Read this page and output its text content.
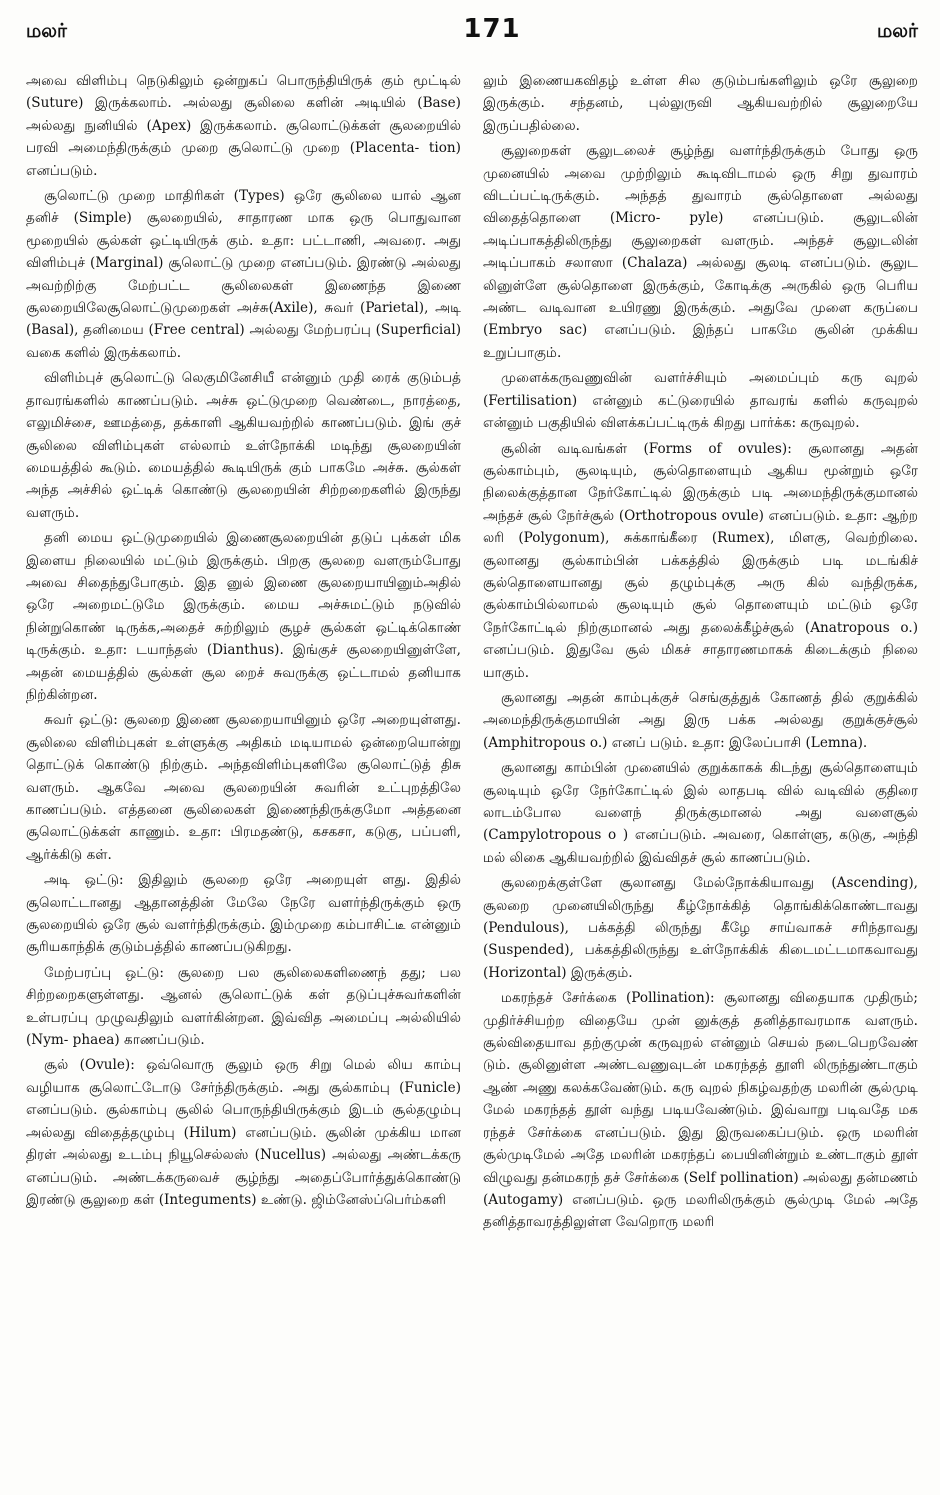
மலர்	171	மலர்

அவை விளிம்பு நெடுகிலும் ஒன்றுகப் பொருந்தியிருக் கும் மூட்டில் (Suture) இருக்கலாம். அல்லது சூலிலை களின் அடியில் (Base) அல்லது நுனியில் (Apex) இருக்கலாம். சூலொட்டுக்கள் சூலறையில் பரவி அமைந்திருக்கும் முறை சூலொட்டு முறை (Placenta- tion) எனப்படும்.

சூலொட்டு முறை மாதிரிகள் (Types) ஒரே சூலிலை யால் ஆன தனிச் (Simple) சூலறையில், சாதாரண மாக ஒரு பொதுவான மூறையில் சூல்கள் ஒட்டியிருக் கும். உதா: பட்டாணி, அவரை. அது விளிம்புச் (Marginal) சூலொட்டு முறை எனப்படும். இரண்டு அல்லது அவற்றிற்கு மேற்பட்ட சூலிலைகள் இணைந்த இணை சூலறையிலேசூலொட்டுமுறைகள் அச்சு(Axile), சுவர் (Parietal), அடி (Basal), தனிமைய (Free central) அல்லது மேற்பரப்பு (Superficial) வகை களில் இருக்கலாம்.

விளிம்புச் சூலொட்டு லெகுமினேசியீ என்னும் முதி ரைக் குடும்பத் தாவரங்களில் காணப்படும். அச்சு ஒட்டுமுறை வெண்டை, நாரத்தை, எலுமிச்சை, ஊமத்தை, தக்காளி ஆகியவற்றில் காணப்படும். இங் குச் சூலிலை விளிம்புகள் எல்லாம் உள்நோக்கி மடிந்து சூலறையின் மையத்தில் கூடும். மையத்தில் கூடியிருக் கும் பாகமே அச்சு. சூல்கள் அந்த அச்சில் ஒட்டிக் கொண்டு சூலறையின் சிற்றறைகளில் இருந்து வளரும்.

தனி மைய ஒட்டுமுறையில் இணைசூலறையின் தடுப் புக்கள் மிக இளைய நிலையில் மட்டும் இருக்கும். பிறகு சூலறை வளரும்போது அவை சிதைந்துபோகும். இத னுல் இணை சூலறையாயினும்அதில் ஒரே அறைமட்டுமே இருக்கும். மைய அச்சுமட்டும் நடுவில் நின்றுகொண் டிருக்க,அதைச் சுற்றிலும் சூழச் சூல்கள் ஒட்டிக்கொண் டிருக்கும். உதா: டயாந்தஸ் (Dianthus). இங்குச் சூலறையினுள்ளே, அதன் மையத்தில் சூல்கள் சூல றைச் சுவருக்கு ஒட்டாமல் தனியாக நிற்கின்றன.

சுவர் ஒட்டு: சூலறை இணை சூலறையாயினும் ஒரே அறையுள்ளது. சூலிலை விளிம்புகள் உள்ளுக்கு அதிகம் மடியாமல் ஒன்றையொன்று தொட்டுக் கொண்டு நிற்கும். அந்தவிளிம்புகளிலே சூலொட்டுத் திசு வளரும். ஆகவே அவை சூலறையின் சுவரின் உட்புறத்திலே காணப்படும். எத்தனை சூலிலைகள் இணைந்திருக்குமோ அத்தனை சூலொட்டுக்கள் காணும். உதா: பிரமதண்டு, கசகசா, கடுகு, பப்பளி, ஆர்க்கிடு கள்.

அடி ஒட்டு: இதிலும் சூலறை ஒரே அறையுள் ளது. இதில் சூலொட்டானது ஆதானத்தின் மேலே நேரே வளர்ந்திருக்கும் ஒரு சூலறையில் ஒரே சூல் வளர்ந்திருக்கும். இம்முறை கம்பாசிட்டீ என்னும் சூரியகாந்திக் குடும்பத்தில் காணப்படுகிறது.

மேற்பரப்பு ஒட்டு: சூலறை பல சூலிலைகளிணைந் தது; பல சிற்றறைகளுள்ளது. ஆனல் சூலொட்டுக் கள் தடுப்புச்சுவர்களின் உள்பரப்பு முழுவதிலும் வளர்கின்றன. இவ்வித அமைப்பு அல்லியில் (Nym- phaea) காணப்படும்.

சூல் (Ovule): ஒவ்வொரு சூலும் ஒரு சிறு மெல் லிய காம்பு வழியாக சூலொட்டோடு சேர்ந்திருக்கும். அது சூல்காம்பு (Funicle) எனப்படும். சூல்காம்பு சூலில் பொருந்தியிருக்கும் இடம் சூல்தழும்பு அல்லது விதைத்தழும்பு (Hilum) எனப்படும். சூலின் முக்கிய மான திரள் அல்லது உடம்பு நியூசெல்லஸ் (Nucellus) அல்லது அண்டக்கரு எனப்படும். அண்டக்கருவைச் சூழ்ந்து அதைப்போர்த்துக்கொண்டு இரண்டு சூலுறை கள் (Integuments) உண்டு. ஜிம்னேஸ்ப்பெர்ம்களி

லும் இணையகவிதழ் உள்ள சில குடும்பங்களிலும் ஒரே சூலுறை இருக்கும். சந்தனம், புல்லுருவி ஆகியவற்றில் சூலுறையே இருப்பதில்லை.

சூலுறைகள் சூலுடலைச் சூழ்ந்து வளர்ந்திருக்கும் போது ஒரு முனையில் அவை முற்றிலும் கூடிவிடாமல் ஒரு சிறு துவாரம் விடப்பட்டிருக்கும். அந்தத் துவாரம் சூல்தொளை அல்லது விதைத்தொளை (Micro- pyle) எனப்படும். சூலுடலின் அடிப்பாகத்திலிருந்து சூலுறைகள் வளரும். அந்தச் சூலுடலின் அடிப்பாகம் சலாஸா (Chalaza) அல்லது சூலடி எனப்படும். சூலுட லினுள்ளே சூல்தொளை இருக்கும், கோடிக்கு அருகில் ஒரு பெரிய அண்ட வடிவான உயிரணு இருக்கும். அதுவே முளை கருப்பை (Embryo sac) எனப்படும். இந்தப் பாகமே சூலின் முக்கிய உறுப்பாகும்.

முளைக்கருவணுவின் வளர்ச்சியும் அமைப்பும் கரு வுறல் (Fertilisation) என்னும் கட்டுரையில் தாவரங் களில் கருவுறல் என்னும் பகுதியில் விளக்கப்பட்டிருக் கிறது பார்க்க: கருவுறல்.

சூலின் வடிவங்கள் (Forms of ovules): சூலானது அதன் சூல்காம்பும், சூலடியும், சூல்தொளையும் ஆகிய மூன்றும் ஒரே நிலைக்குத்தான நேர்கோட்டில் இருக்கும் படி அமைந்திருக்குமானல் அந்தச் சூல் நேர்ச்சூல் (Orthotropous ovule) எனப்படும். உதா: ஆற்ற லரி (Polygonum), சுக்காங்கீரை (Rumex), மிளகு, வெற்றிலை. சூலானது சூல்காம்பின் பக்கத்தில் இருக்கும் படி மடங்கிச் சூல்தொளையானது சூல் தழும்புக்கு அரு கில் வந்திருக்க, சூல்காம்பில்லாமல் சூலடியும் சூல் தொளையும் மட்டும் ஒரே நேர்கோட்டில் நிற்குமானல் அது தலைக்கீழ்ச்சூல் (Anatropous o.) எனப்படும். இதுவே சூல் மிகச் சாதாரணமாகக் கிடைக்கும் நிலை யாகும்.

சூலானது அதன் காம்புக்குச் செங்குத்துக் கோணத் தில் குறுக்கில் அமைந்திருக்குமாயின் அது இரு பக்க அல்லது குறுக்குச்சூல் (Amphitropous o.) எனப் படும். உதா: இலேப்பாசி (Lemna).

சூலானது காம்பின் முனையில் குறுக்காகக் கிடந்து சூல்தொளையும் சூலடியும் ஒரே நேர்கோட்டில் இல் லாதபடி வில் வடிவில் குதிரை லாடம்போல வளைந் திருக்குமானல் அது வளைசூல் (Campylotropous o ) எனப்படும். அவரை, கொள்ளு, கடுகு, அந்தி மல் லிகை ஆகியவற்றில் இவ்விதச் சூல் காணப்படும்.

சூலறைக்குள்ளே சூலானது மேல்நோக்கியாவது (Ascending), சூலறை முனையிலிருந்து கீழ்நோக்கித் தொங்கிக்கொண்டாவது (Pendulous), பக்கத்தி லிருந்து கீழே சாய்வாகச் சரிந்தாவது (Suspended), பக்கத்திலிருந்து உள்நோக்கிக் கிடைமட்டமாகவாவது (Horizontal) இருக்கும்.

மகரந்தச் சேர்க்கை (Pollination): சூலானது விதையாக முதிரும்; முதிர்ச்சியற்ற விதையே முன் னுக்குத் தனித்தாவரமாக வளரும். சூல்விதையாவ தற்குமுன் கருவுறல் என்னும் செயல் நடைபெறவேண் டும். சூலினுள்ள அண்டவணுவுடன் மகரந்தத் தூளி லிருந்துண்டாகும் ஆண் அணு கலக்கவேண்டும். கரு வுறல் நிகழ்வதற்கு மலரின் சூல்முடி மேல் மகரந்தத் தூள் வந்து படியவேண்டும். இவ்வாறு படிவதே மக ரந்தச் சேர்க்கை எனப்படும். இது இருவகைப்படும். ஒரு மலரின் சூல்முடிமேல் அதே மலரின் மகரந்தப் பையினின்றும் உண்டாகும் தூள் விழுவது தன்மகரந் தச் சேர்க்கை (Self pollination) அல்லது தன்மணம் (Autogamy) எனப்படும். ஒரு மலரிலிருக்கும் சூல்முடி மேல் அதே தனித்தாவரத்திலுள்ள வேறொரு மலரி
